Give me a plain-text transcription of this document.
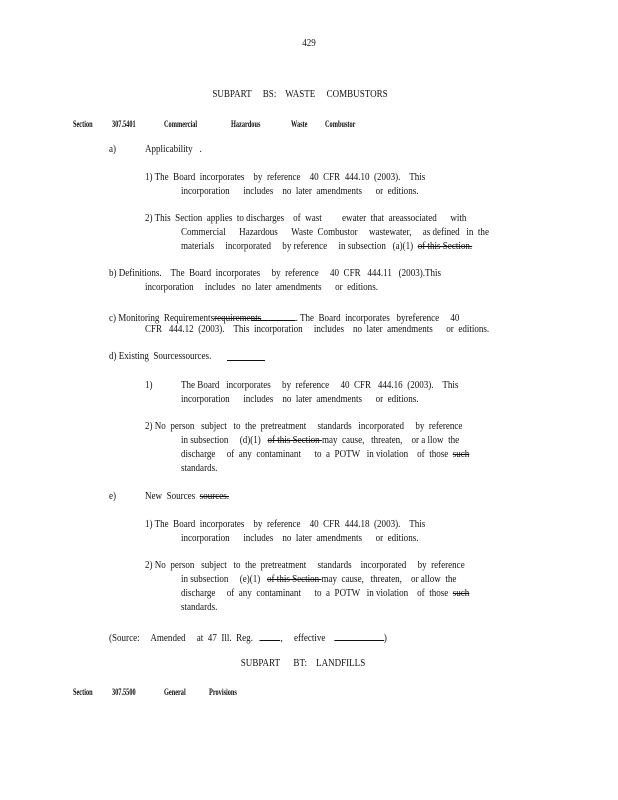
429
SUBPART     BS:    WASTE     COMBUSTORS
Section 307.5401	Commercial	Hazardous	Waste Combustor
a)	Applicability .
1) The  Board  incorporates    by  reference    40  CFR  444.10  (2003).    This
incorporation      includes    no  later  amendments      or  editions.
2) This  Section  applies  to discharges    of  wast         ewater  that  areassociated      with
Commercial      Hazardous      Waste  Combustor     wastewater,     as defined   in  the
materials     incorporated     by reference     in subsection   (a)(1)  of this Section.
b) Definitions.    The  Board  incorporates     by  reference     40  CFR   444.11   (2003).This
incorporation     includes   no  later  amendments      or  editions.
c) Monitoring  Requirementsrequirements	. The  Board  incorporates   byreference     40
CFR   444.12  (2003).    This  incorporation     includes    no  later  amendments      or  editions.
d) Existing  Sourcessources.
1)	The Board   incorporates     by  reference     40  CFR   444.16  (2003).    This
incorporation      includes    no  later  amendments      or  editions.
2) No  person   subject   to  the  pretreatment     standards   incorporated     by  reference
in subsection     (d)(1)   of this Section may  cause,   threaten,    or a llow  the
discharge     of  any  contaminant      to  a  POTW   in violation    of  those  such
standards.
e)	New  Sources  sources.
1) The  Board  incorporates    by  reference    40  CFR  444.18  (2003).    This
incorporation      includes    no  later  amendments      or  editions.
2) No  person   subject   to  the  pretreatment     standards    incorporated     by  reference
in subsection     (e)(1)   of this Section may  cause,   threaten,    or allow  the
discharge     of  any  contaminant      to  a  POTW   in violation    of  those  such
standards.
(Source:     Amended     at  47  Ill.  Reg.	,     effective	)
SUBPART      BT:    LANDFILLS
Section 307.5500	General	Provisions
